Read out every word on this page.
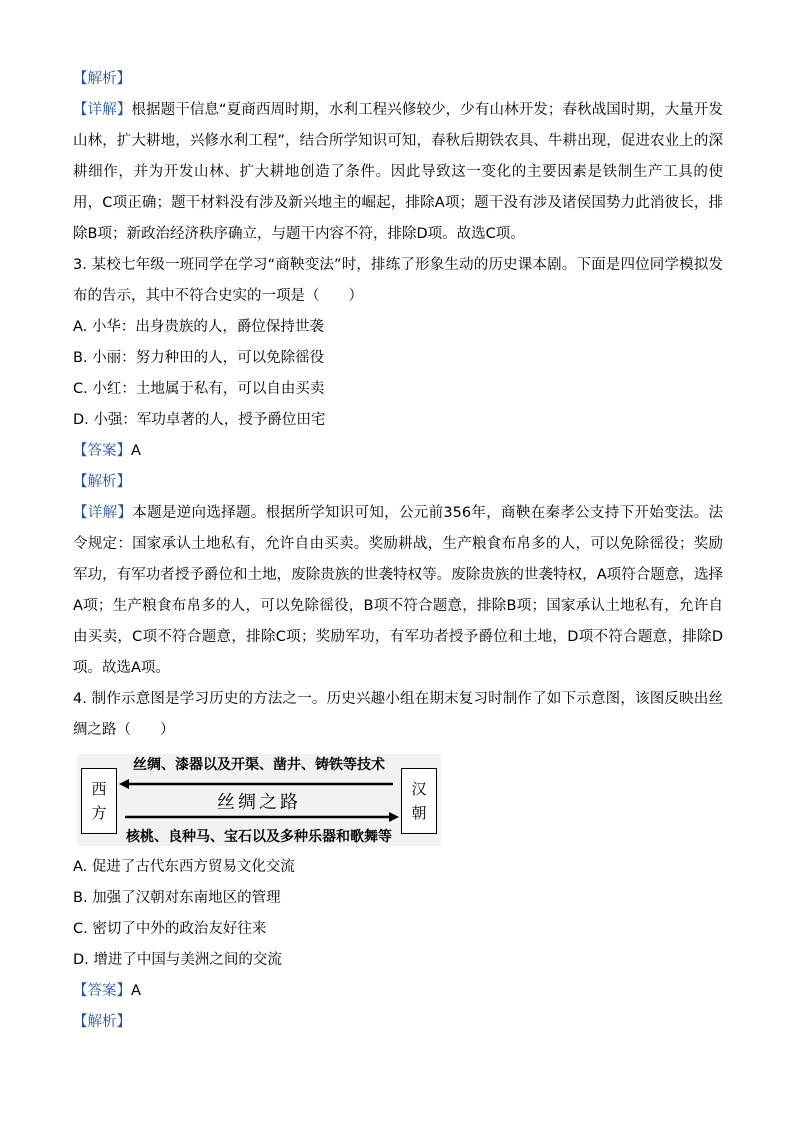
【解析】
【详解】根据题干信息“夏商西周时期，水利工程兴修较少，少有山林开发；春秋战国时期，大量开发山林，扩大耕地，兴修水利工程”，结合所学知识可知，春秋后期铁农具、牛耕出现，促进农业上的深耕细作，并为开发山林、扩大耕地创造了条件。因此导致这一变化的主要因素是铁制生产工具的使用，C项正确；题干材料没有涉及新兴地主的崛起，排除A项；题干没有涉及诸侯国势力此消彼长，排除B项；新政治经济秩序确立，与题干内容不符，排除D项。故选C项。
3. 某校七年级一班同学在学习“商鞅变法”时，排练了形象生动的历史课本剧。下面是四位同学模拟发布的告示，其中不符合史实的一项是（　　）
A. 小华：出身贵族的人，爵位保持世袭
B. 小丽：努力种田的人，可以免除徭役
C. 小红：土地属于私有，可以自由买卖
D. 小强：军功卓著的人，授予爵位田宅
【答案】A
【解析】
【详解】本题是逆向选择题。根据所学知识可知，公元前356年，商鞅在秦孝公支持下开始变法。法令规定：国家承认土地私有，允许自由买卖。奖励耕战，生产粮食布帛多的人，可以免除徭役；奖励军功，有军功者授予爵位和土地，废除贵族的世袭特权等。废除贵族的世袭特权，A项符合题意，选择A项；生产粮食布帛多的人，可以免除徭役，B项不符合题意，排除B项；国家承认土地私有，允许自由买卖，C项不符合题意，排除C项；奖励军功，有军功者授予爵位和土地，D项不符合题意，排除D项。故选A项。
4. 制作示意图是学习历史的方法之一。历史兴趣小组在期末复习时制作了如下示意图，该图反映出丝绸之路（　　）
丝绸、漆器以及开渠、凿井、铸铁等技术
西
方
汉
朝
丝绸之路
核桃、良种马、宝石以及多种乐器和歌舞等
A. 促进了古代东西方贸易文化交流
B. 加强了汉朝对东南地区的管理
C. 密切了中外的政治友好往来
D. 增进了中国与美洲之间的交流
【答案】A
【解析】
